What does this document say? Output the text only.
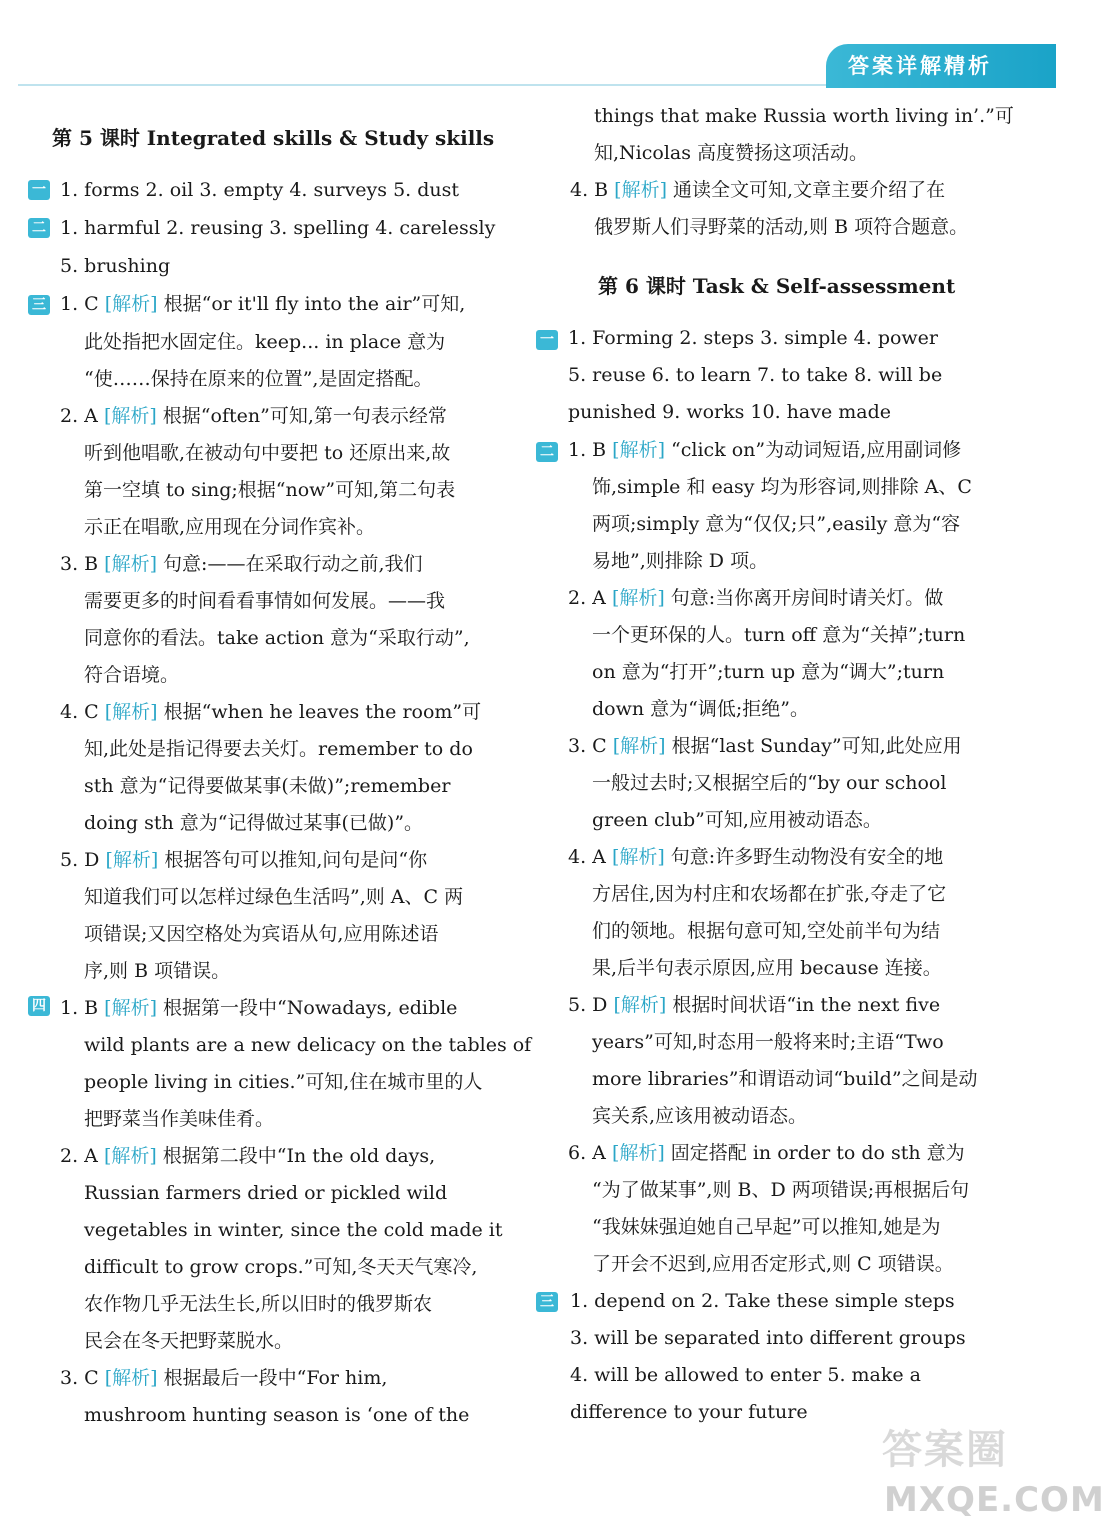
答案详解精析
第 5 课时 Integrated skills & Study skills
一
二
三
四
1. forms 2. oil 3. empty 4. surveys 5. dust
1. harmful 2. reusing 3. spelling 4. carelessly
5. brushing
1. C [解析] 根据“or it'll fly into the air”可知,
此处指把水固定住。keep... in place 意为
“使……保持在原来的位置”,是固定搭配。
2. A [解析] 根据“often”可知,第一句表示经常
听到他唱歌,在被动句中要把 to 还原出来,故
第一空填 to sing;根据“now”可知,第二句表
示正在唱歌,应用现在分词作宾补。
3. B [解析] 句意:——在采取行动之前,我们
需要更多的时间看看事情如何发展。——我
同意你的看法。take action 意为“采取行动”,
符合语境。
4. C [解析] 根据“when he leaves the room”可
知,此处是指记得要去关灯。remember to do
sth 意为“记得要做某事(未做)”;remember
doing sth 意为“记得做过某事(已做)”。
5. D [解析] 根据答句可以推知,问句是问“你
知道我们可以怎样过绿色生活吗”,则 A、C 两
项错误;又因空格处为宾语从句,应用陈述语
序,则 B 项错误。
1. B [解析] 根据第一段中“Nowadays, edible
wild plants are a new delicacy on the tables of
people living in cities.”可知,住在城市里的人
把野菜当作美味佳肴。
2. A [解析] 根据第二段中“In the old days,
Russian farmers dried or pickled wild
vegetables in winter, since the cold made it
difficult to grow crops.”可知,冬天天气寒冷,
农作物几乎无法生长,所以旧时的俄罗斯农
民会在冬天把野菜脱水。
3. C [解析] 根据最后一段中“For him,
mushroom hunting season is ‘one of the
things that make Russia worth living in’.”可
知,Nicolas 高度赞扬这项活动。
4. B [解析] 通读全文可知,文章主要介绍了在
俄罗斯人们寻野菜的活动,则 B 项符合题意。
第 6 课时 Task & Self-assessment
一
二
三
1. Forming 2. steps 3. simple 4. power
5. reuse 6. to learn 7. to take 8. will be
punished 9. works 10. have made
1. B [解析] “click on”为动词短语,应用副词修
饰,simple 和 easy 均为形容词,则排除 A、C
两项;simply 意为“仅仅;只”,easily 意为“容
易地”,则排除 D 项。
2. A [解析] 句意:当你离开房间时请关灯。做
一个更环保的人。turn off 意为“关掉”;turn
on 意为“打开”;turn up 意为“调大”;turn
down 意为“调低;拒绝”。
3. C [解析] 根据“last Sunday”可知,此处应用
一般过去时;又根据空后的“by our school
green club”可知,应用被动语态。
4. A [解析] 句意:许多野生动物没有安全的地
方居住,因为村庄和农场都在扩张,夺走了它
们的领地。根据句意可知,空处前半句为结
果,后半句表示原因,应用 because 连接。
5. D [解析] 根据时间状语“in the next five
years”可知,时态用一般将来时;主语“Two
more libraries”和谓语动词“build”之间是动
宾关系,应该用被动语态。
6. A [解析] 固定搭配 in order to do sth 意为
“为了做某事”,则 B、D 两项错误;再根据后句
“我妹妹强迫她自己早起”可以推知,她是为
了开会不迟到,应用否定形式,则 C 项错误。
1. depend on 2. Take these simple steps
3. will be separated into different groups
4. will be allowed to enter 5. make a
difference to your future
答案圈
MXQE.COM
